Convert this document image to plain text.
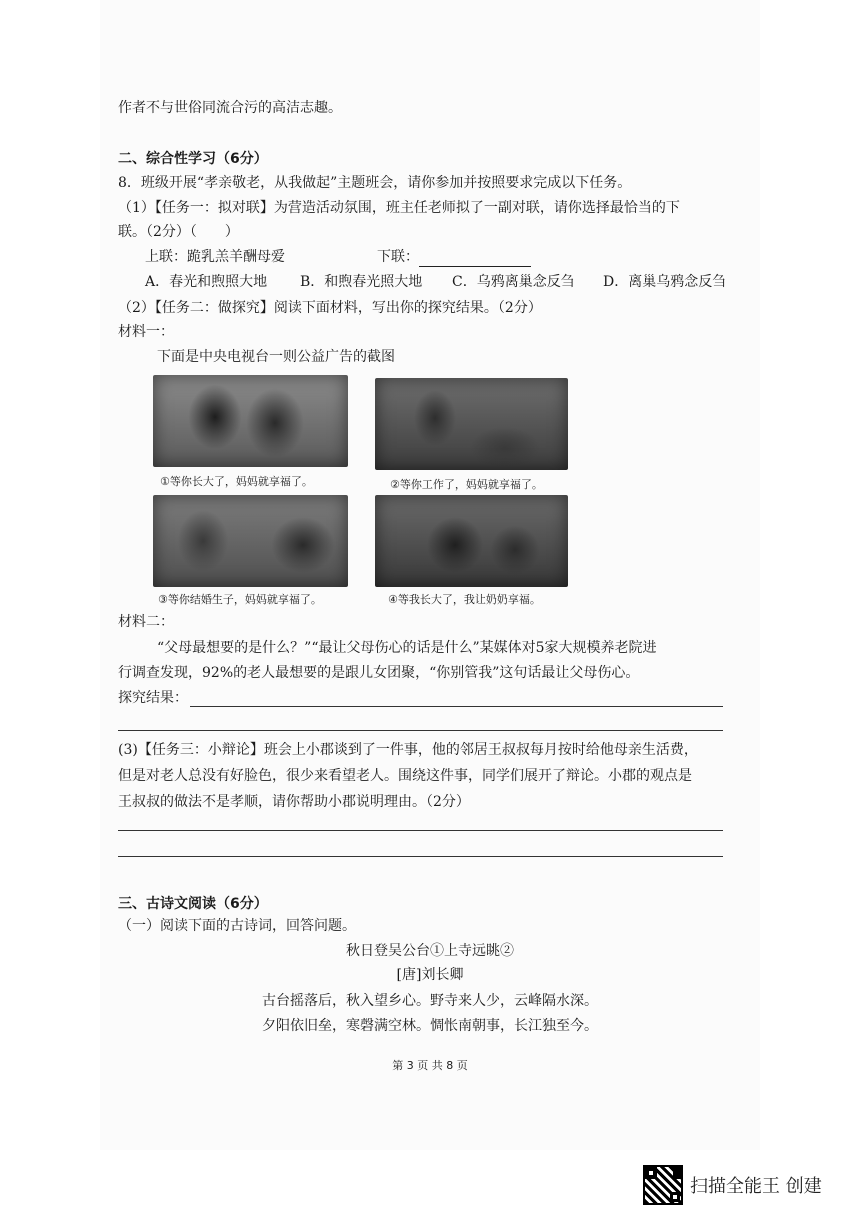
作者不与世俗同流合污的高洁志趣。
二、综合性学习（6分）
8．班级开展“孝亲敬老，从我做起”主题班会，请你参加并按照要求完成以下任务。
（1）【任务一：拟对联】为营造活动氛围，班主任老师拟了一副对联，请你选择最恰当的下
联。（2分）（　　）
上联：跪乳羔羊酬母爱	下联：
A．春光和煦照大地 B．和煦春光照大地 C．乌鸦离巢念反刍 D．离巢乌鸦念反刍
（2）【任务二：做探究】阅读下面材料，写出你的探究结果。（2分）
材料一：
下面是中央电视台一则公益广告的截图
①等你长大了，妈妈就享福了。	②等你工作了，妈妈就享福了。
③等你结婚生子，妈妈就享福了。	④等我长大了，我让奶奶享福。
材料二：
“父母最想要的是什么？”“最让父母伤心的话是什么”某媒体对5家大规模养老院进
行调查发现，92%的老人最想要的是跟儿女团聚，“你别管我”这句话最让父母伤心。
探究结果：
(3)【任务三：小辩论】班会上小郡谈到了一件事，他的邻居王叔叔每月按时给他母亲生活费，
但是对老人总没有好脸色，很少来看望老人。围绕这件事，同学们展开了辩论。小郡的观点是
王叔叔的做法不是孝顺，请你帮助小郡说明理由。（2分）
三、古诗文阅读（6分）
（一）阅读下面的古诗词，回答问题。
秋日登吴公台①上寺远眺②
[唐]刘长卿
古台摇落后，秋入望乡心。野寺来人少，云峰隔水深。
夕阳依旧垒，寒磬满空林。惆怅南朝事，长江独至今。
第 3 页 共 8 页
扫描全能王 创建
